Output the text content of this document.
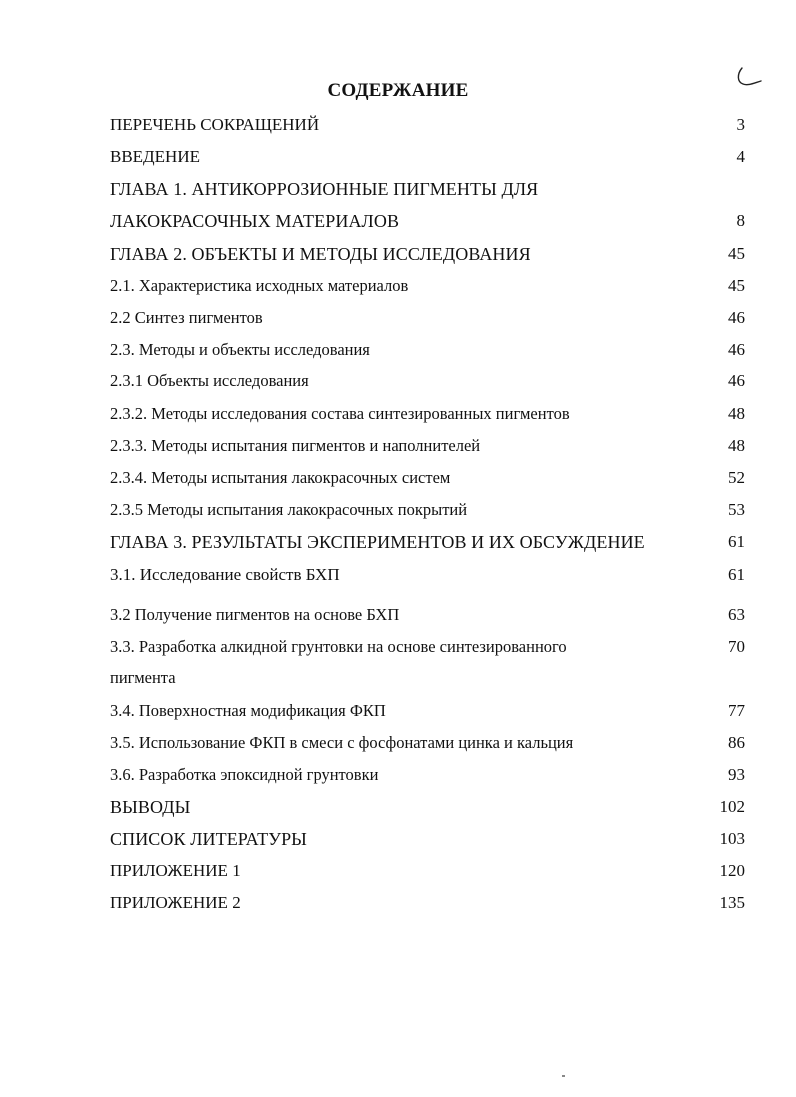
СОДЕРЖАНИЕ
ПЕРЕЧЕНЬ СОКРАЩЕНИЙ	3
ВВЕДЕНИЕ	4
ГЛАВА 1. АНТИКОРРОЗИОННЫЕ ПИГМЕНТЫ ДЛЯ
ЛАКОКРАСОЧНЫХ МАТЕРИАЛОВ	8
ГЛАВА 2. ОБЪЕКТЫ И МЕТОДЫ ИССЛЕДОВАНИЯ	45
2.1. Характеристика исходных материалов	45
2.2 Синтез пигментов	46
2.3. Методы и объекты исследования	46
2.3.1 Объекты исследования	46
2.3.2. Методы исследования состава синтезированных пигментов	48
2.3.3. Методы испытания пигментов и наполнителей	48
2.3.4. Методы испытания лакокрасочных систем	52
2.3.5 Методы испытания лакокрасочных покрытий	53
ГЛАВА 3. РЕЗУЛЬТАТЫ ЭКСПЕРИМЕНТОВ И ИХ ОБСУЖДЕНИЕ	61
3.1. Исследование свойств БХП	61
3.2 Получение пигментов на основе БХП	63
3.3. Разработка алкидной грунтовки на основе синтезированного	70
пигмента
3.4. Поверхностная модификация ФКП	77
3.5. Использование ФКП в смеси с фосфонатами цинка и кальция	86
3.6. Разработка эпоксидной грунтовки	93
ВЫВОДЫ	102
СПИСОК ЛИТЕРАТУРЫ	103
ПРИЛОЖЕНИЕ 1	120
ПРИЛОЖЕНИЕ 2	135
